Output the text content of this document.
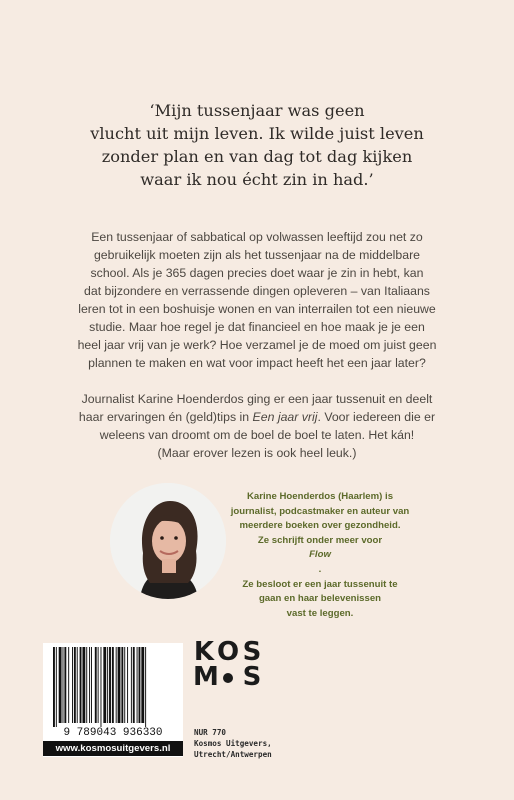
‘Mijn tussenjaar was geen
vlucht uit mijn leven. Ik wilde juist leven
zonder plan en van dag tot dag kijken
waar ik nou écht zin in had.’
Een tussenjaar of sabbatical op volwassen leeftijd zou net zo
gebruikelijk moeten zijn als het tussenjaar na de middelbare
school. Als je 365 dagen precies doet waar je zin in hebt, kan
dat bijzondere en verrassende dingen opleveren – van Italiaans
leren tot in een boshuisje wonen en van interrailen tot een nieuwe
studie. Maar hoe regel je dat financieel en hoe maak je je een
heel jaar vrij van je werk? Hoe verzamel je de moed om juist geen
plannen te maken en wat voor impact heeft het een jaar later?
Journalist Karine Hoenderdos ging er een jaar tussenuit en deelt
haar ervaringen én (geld)tips in Een jaar vrij. Voor iedereen die er
weleens van droomt om de boel de boel te laten. Het kán!
(Maar erover lezen is ook heel leuk.)
Karine Hoenderdos (Haarlem) is
journalist, podcastmaker en auteur van
meerdere boeken over gezondheid.
Ze schrijft onder meer voor
Flow
.
Ze besloot er een jaar tussenuit te
gaan en haar belevenissen
vast te leggen.
9 789043 936330
www.kosmosuitgevers.nl
K O S
M S
NUR 770
Kosmos Uitgevers,
Utrecht/Antwerpen
